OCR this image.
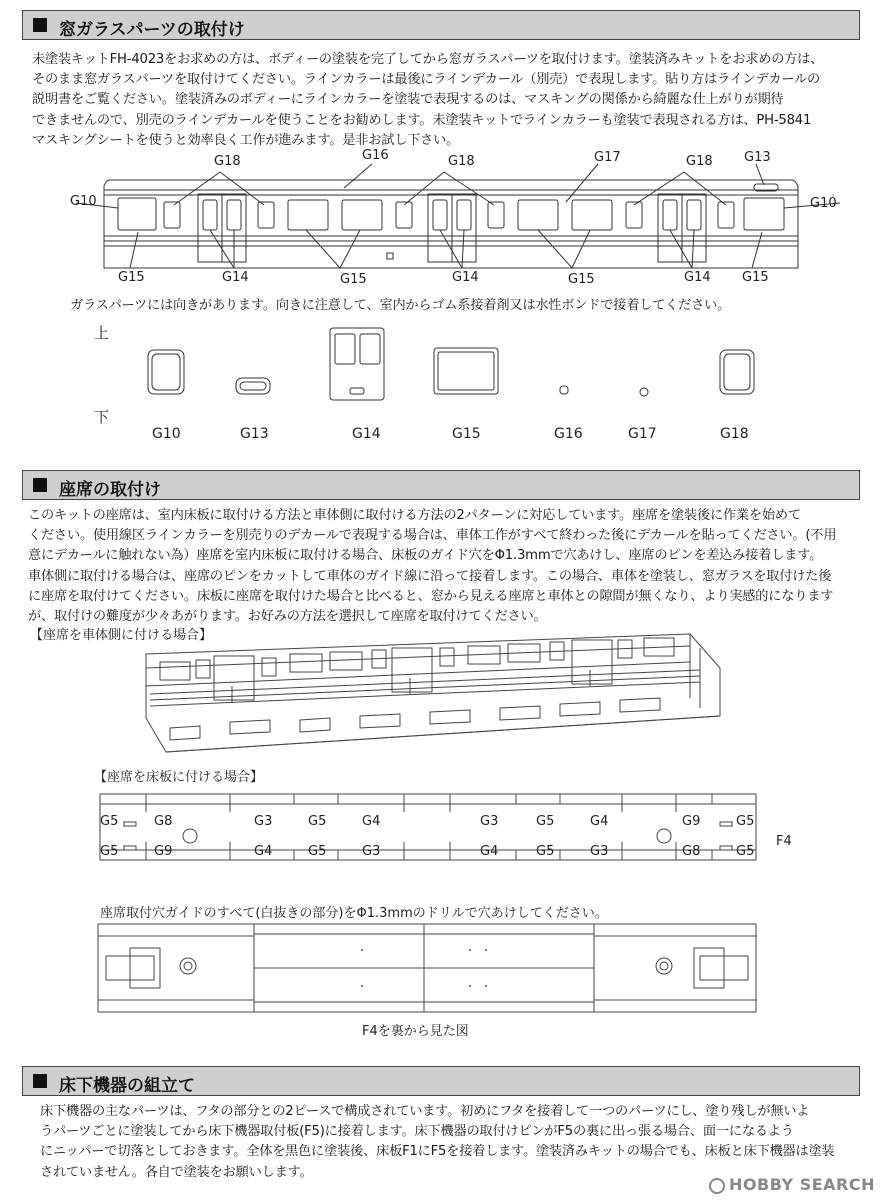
窓ガラスパーツの取付け
未塗装キットFH-4023をお求めの方は、ボディーの塗装を完了してから窓ガラスパーツを取付けます。塗装済みキットをお求めの方は、
そのまま窓ガラスパーツを取付けてください。ラインカラーは最後にラインデカール（別売）で表現します。貼り方はラインデカールの
説明書をご覧ください。塗装済みのボディーにラインカラーを塗装で表現するのは、マスキングの関係から綺麗な仕上がりが期待
できませんので、別売のラインデカールを使うことをお勧めします。未塗装キットでラインカラーも塗装で表現される方は、PH-5841
マスキングシートを使うと効率良く工作が進みます。是非お試し下さい。
G10	G10
G18	G16	G18	G17	G18 G13
G15	G14	G15	G14	G15	G14 G15
ガラスパーツには向きがあります。向きに注意して、室内からゴム系接着剤又は水性ボンドで接着してください。
上
下
G10	G13	G14	G15	G16	G17	G18
座席の取付け
このキットの座席は、室内床板に取付ける方法と車体側に取付ける方法の2パターンに対応しています。座席を塗装後に作業を始めて
ください。使用線区ラインカラーを別売りのデカールで表現する場合は、車体工作がすべて終わった後にデカールを貼ってください。(不用
意にデカールに触れない為）座席を室内床板に取付ける場合、床板のガイド穴をΦ1.3mmで穴あけし、座席のピンを差込み接着します。
車体側に取付ける場合は、座席のピンをカットして車体のガイド線に沿って接着します。この場合、車体を塗装し、窓ガラスを取付けた後
に座席を取付けてください。床板に座席を取付けた場合と比べると、窓から見える座席と車体との隙間が無くなり、より実感的になります
が、取付けの難度が少々あがります。お好みの方法を選択して座席を取付けてください。
【座席を車体側に付ける場合】
【座席を床板に付ける場合】
G5	G8	G3	G5	G4	G3	G5	G4	G9	G5
G5	G9	G4	G5	G3	G4	G5	G3	G8	G5
F4
座席取付穴ガイドのすべて(白抜きの部分)をΦ1.3mmのドリルで穴あけしてください。
F4を裏から見た図
床下機器の組立て
床下機器の主なパーツは、フタの部分との2ピースで構成されています。初めにフタを接着して一つのパーツにし、塗り残しが無いよ
うパーツごとに塗装してから床下機器取付板(F5)に接着します。床下機器の取付けピンがF5の裏に出っ張る場合、面一になるよう
にニッパーで切落としておきます。全体を黒色に塗装後、床板F1にF5を接着します。塗装済みキットの場合でも、床板と床下機器は塗装
されていません。各自で塗装をお願いします。
HOBBY SEARCH
